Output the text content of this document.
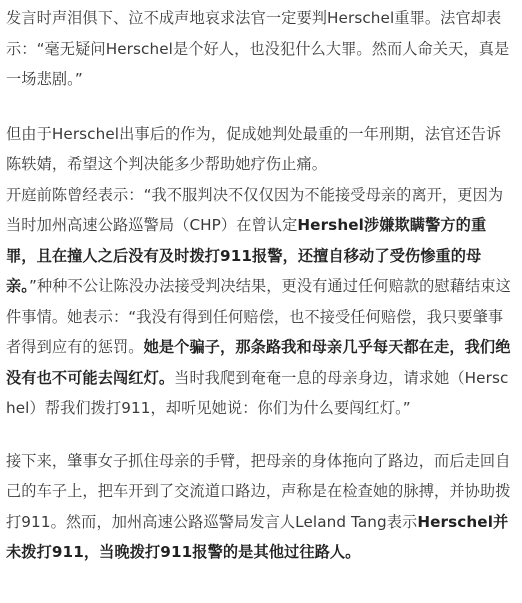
发言时声泪俱下、泣不成声地哀求法官一定要判Herschel重罪。法官却表示：“毫无疑问Herschel是个好人，也没犯什么大罪。然而人命关天，真是一场悲剧。”

但由于Herschel出事后的作为，促成她判处最重的一年刑期，法官还告诉陈轶婧，希望这个判决能多少帮助她疗伤止痛。

开庭前陈曾经表示：“我不服判决不仅仅因为不能接受母亲的离开，更因为当时加州高速公路巡警局（CHP）在曾认定Hershel涉嫌欺瞒警方的重罪，且在撞人之后没有及时拨打911报警，还擅自移动了受伤惨重的母亲。”种种不公让陈没办法接受判决结果，更没有通过任何赔款的慰藉结束这件事情。她表示：“我没有得到任何赔偿，也不接受任何赔偿，我只要肇事者得到应有的惩罚。她是个骗子，那条路我和母亲几乎每天都在走，我们绝没有也不可能去闯红灯。当时我爬到奄奄一息的母亲身边，请求她（Herschel）帮我们拨打911，却听见她说：你们为什么要闯红灯。”

接下来，肇事女子抓住母亲的手臂，把母亲的身体拖向了路边，而后走回自己的车子上，把车开到了交流道口路边，声称是在检查她的脉搏，并协助拨打911。然而，加州高速公路巡警局发言人Leland Tang表示Herschel并未拨打911，当晚拨打911报警的是其他过往路人。
